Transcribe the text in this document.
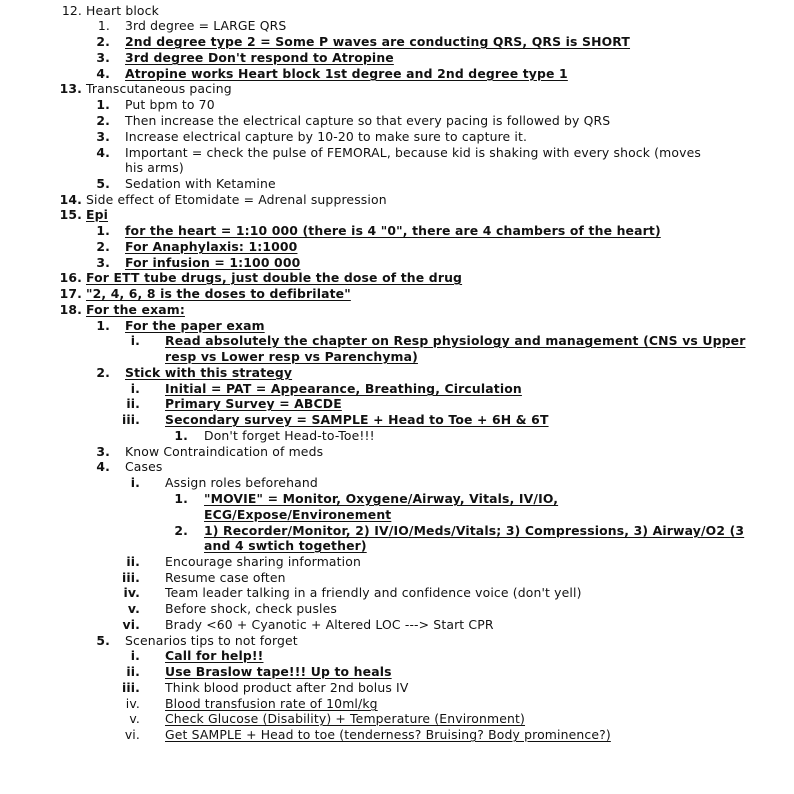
12. Heart block
1. 3rd degree = LARGE QRS
2. 2nd degree type 2 = Some P waves are conducting QRS, QRS is SHORT
3. 3rd degree Don't respond to Atropine
4. Atropine works Heart block 1st degree and 2nd degree type 1
13. Transcutaneous pacing
1. Put bpm to 70
2. Then increase the electrical capture so that every pacing is followed by QRS
3. Increase electrical capture by 10-20 to make sure to capture it.
4. Important = check the pulse of FEMORAL, because kid is shaking with every shock (moves
his arms)
5. Sedation with Ketamine
14. Side effect of Etomidate = Adrenal suppression
15. Epi
1. for the heart = 1:10 000 (there is 4 "0", there are 4 chambers of the heart)
2. For Anaphylaxis: 1:1000
3. For infusion = 1:100 000
16. For ETT tube drugs, just double the dose of the drug
17. "2, 4, 6, 8 is the doses to defibrilate"
18. For the exam:
1. For the paper exam
i. Read absolutely the chapter on Resp physiology and management (CNS vs Upper
resp vs Lower resp vs Parenchyma)
2. Stick with this strategy
i. Initial = PAT = Appearance, Breathing, Circulation
ii. Primary Survey = ABCDE
iii. Secondary survey = SAMPLE + Head to Toe + 6H & 6T
1. Don't forget Head-to-Toe!!!
3. Know Contraindication of meds
4. Cases
i. Assign roles beforehand
1. "MOVIE" = Monitor, Oxygene/Airway, Vitals, IV/IO,
ECG/Expose/Environement
2. 1) Recorder/Monitor, 2) IV/IO/Meds/Vitals; 3) Compressions, 3) Airway/O2 (3
and 4 swtich together)
ii. Encourage sharing information
iii. Resume case often
iv. Team leader talking in a friendly and confidence voice (don't yell)
v. Before shock, check pusles
vi. Brady <60 + Cyanotic + Altered LOC ---> Start CPR
5. Scenarios tips to not forget
i. Call for help!!
ii. Use Braslow tape!!! Up to heals
iii. Think blood product after 2nd bolus IV
iv. Blood transfusion rate of 10ml/kg
v. Check Glucose (Disability) + Temperature (Environment)
vi. Get SAMPLE + Head to toe (tenderness? Bruising? Body prominence?)
